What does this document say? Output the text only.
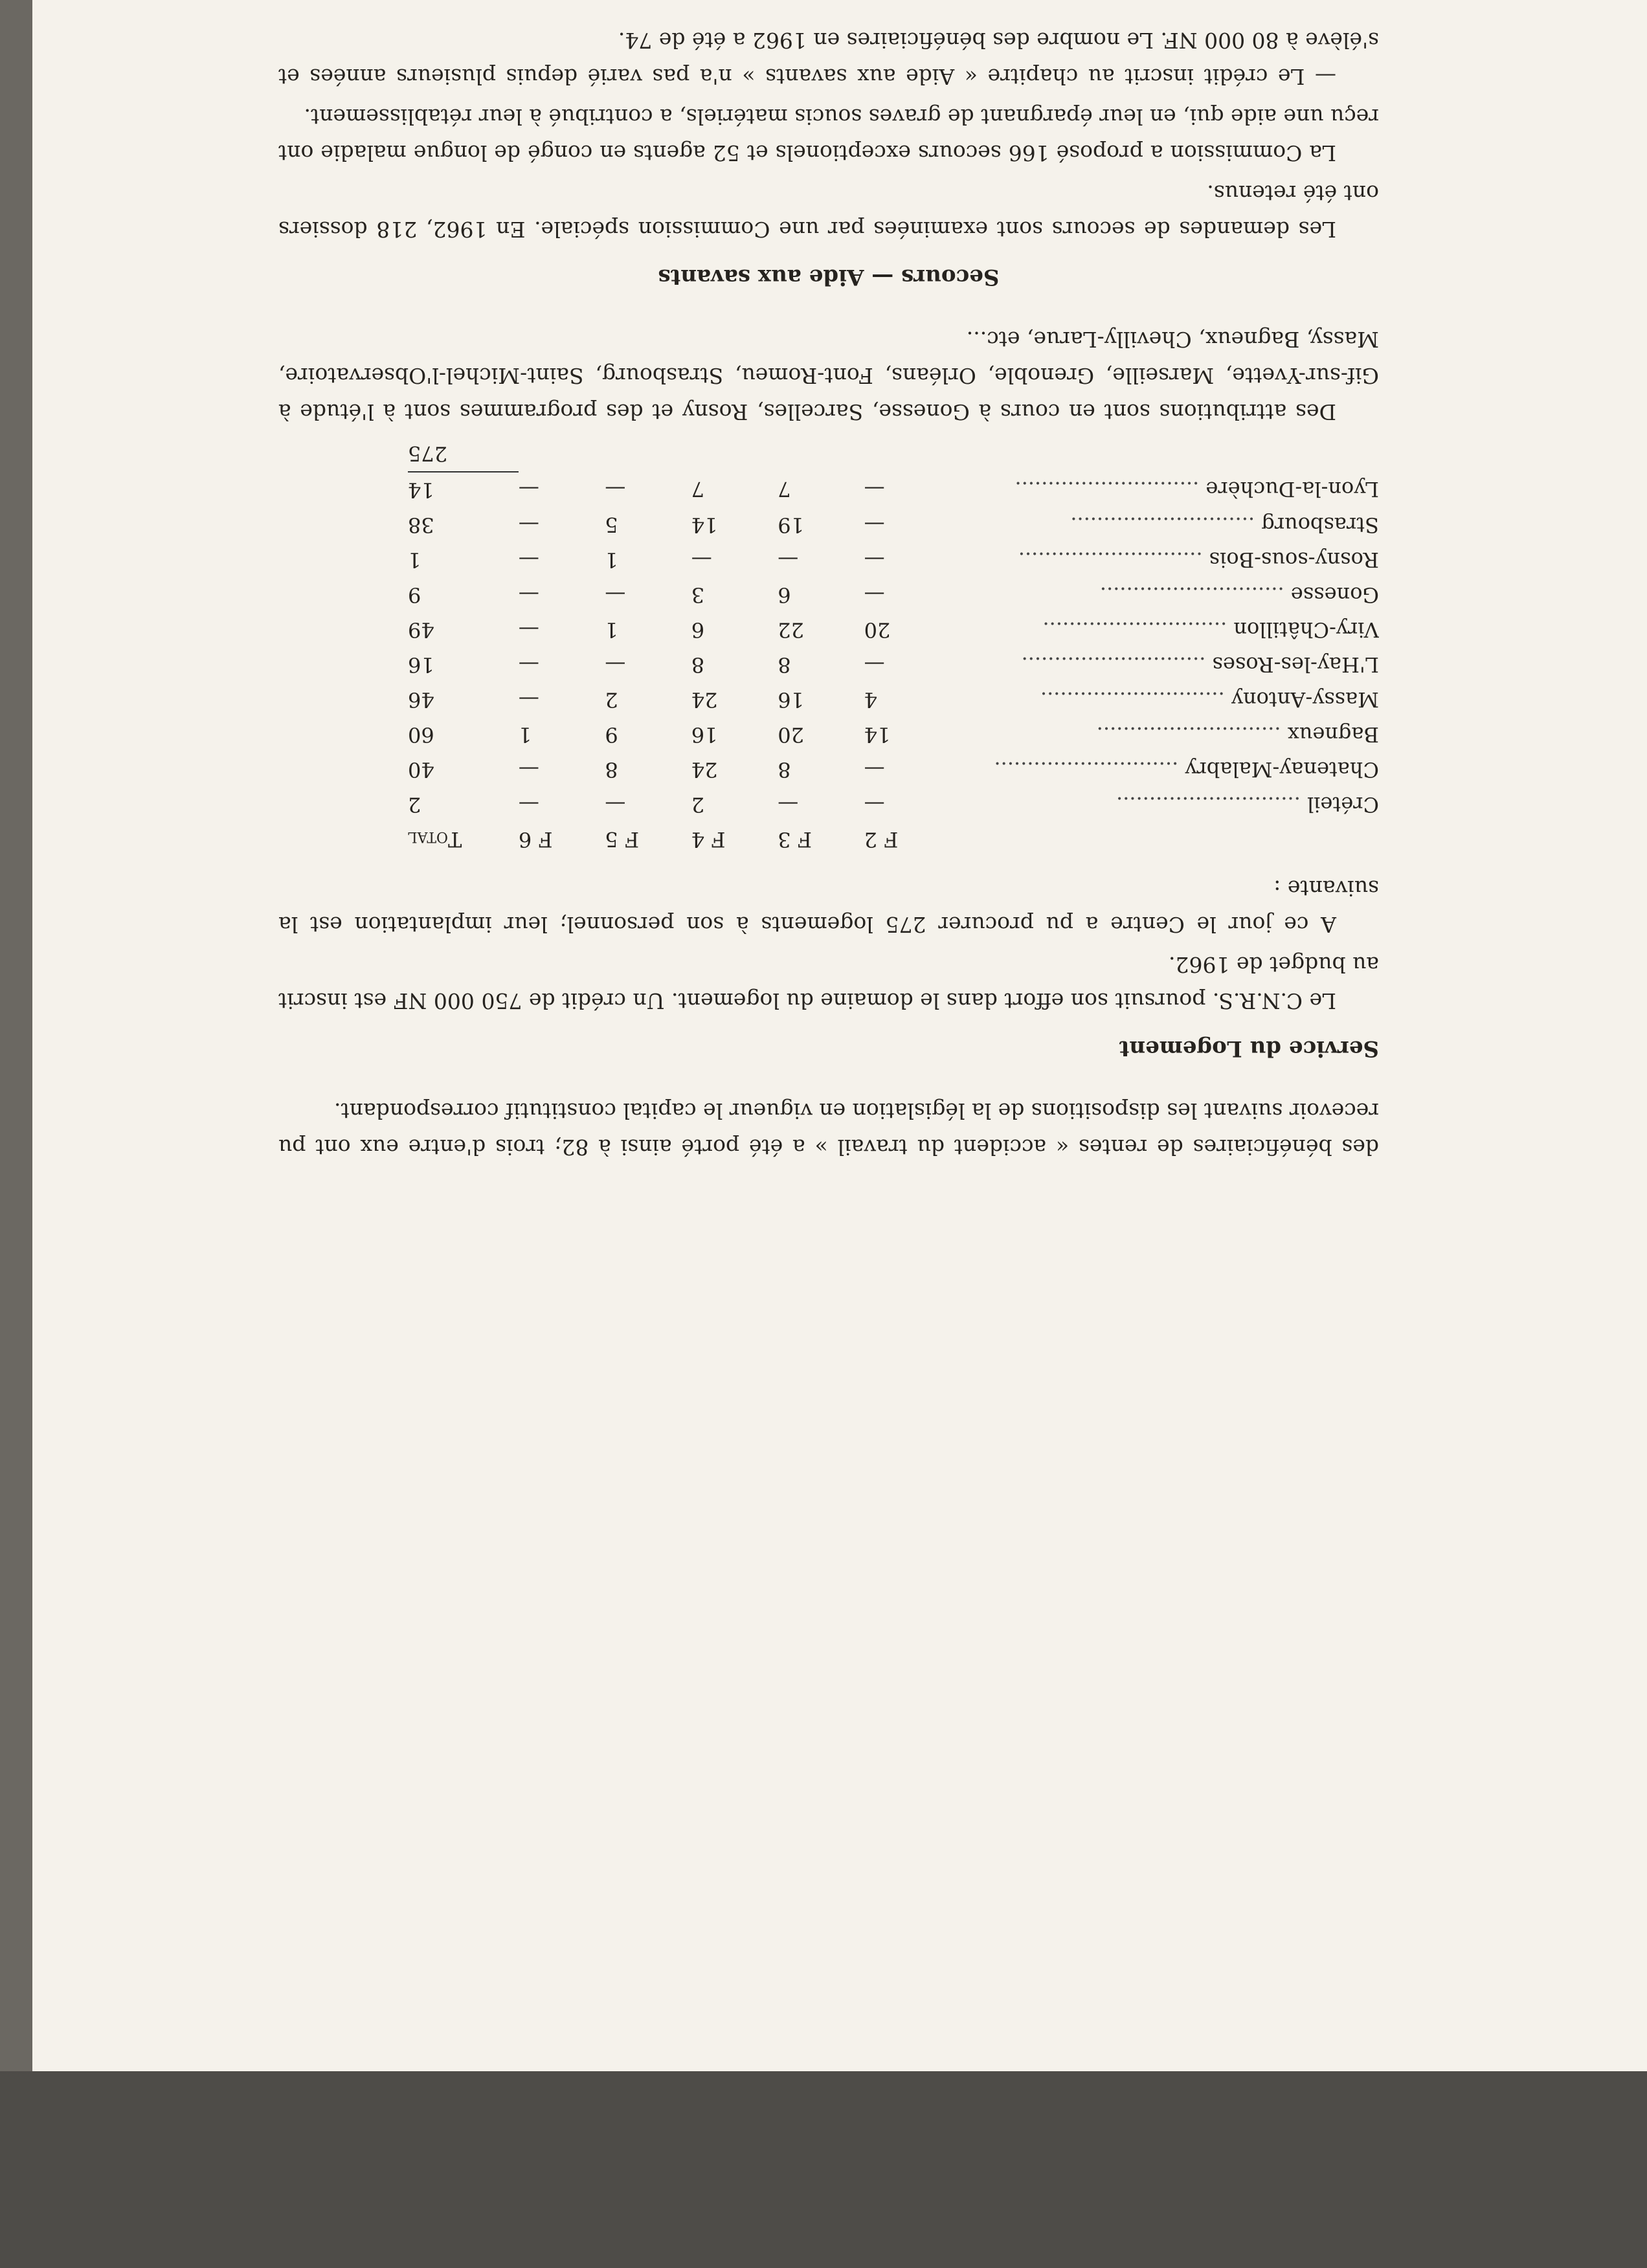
des bénéficiaires de rentes « accident du travail » a été porté ainsi à 82; trois d'entre eux ont pu recevoir suivant les dispositions de la législation en vigueur le capital constitutif correspondant.

Service du Logement

Le C.N.R.S. poursuit son effort dans le domaine du logement. Un crédit de 750 000 NF est inscrit au budget de 1962.

A ce jour le Centre a pu procurer 275 logements à son personnel; leur implantation est la suivante :

	F 2	F 3	F 4	F 5	F 6	Total
Créteil ............................	—	—	2	—	—	2
Chatenay-Malabry ............................	—	8	24	8	—	40
Bagneux ............................	14	20	16	9	1	60
Massy-Antony ............................	4	16	24	2	—	46
L'Hay-les-Roses ............................	—	8	8	—	—	16
Viry-Châtillon ............................	20	22	6	1	—	49
Gonesse ............................	—	6	3	—	—	9
Rosny-sous-Bois ............................	—	—	—	1	—	1
Strasbourg ............................	—	19	14	5	—	38
Lyon-la-Duchère ............................	—	7	7	—	—	14

						275

Des attributions sont en cours à Gonesse, Sarcelles, Rosny et des programmes sont à l'étude à Gif-sur-Yvette, Marseille, Grenoble, Orléans, Font-Romeu, Strasbourg, Saint-Michel-l'Observatoire, Massy, Bagneux, Chevilly-Larue, etc...

Secours — Aide aux savants

Les demandes de secours sont examinées par une Commission spéciale. En 1962, 218 dossiers ont été retenus.

La Commission a proposé 166 secours exceptionels et 52 agents en congé de longue maladie ont reçu une aide qui, en leur épargnant de graves soucis matériels, a contribué à leur rétablissement.

— Le crédit inscrit au chapitre « Aide aux savants » n'a pas varié depuis plusieurs années et s'élève à 80 000 NF. Le nombre des bénéficiaires en 1962 a été de 74.
